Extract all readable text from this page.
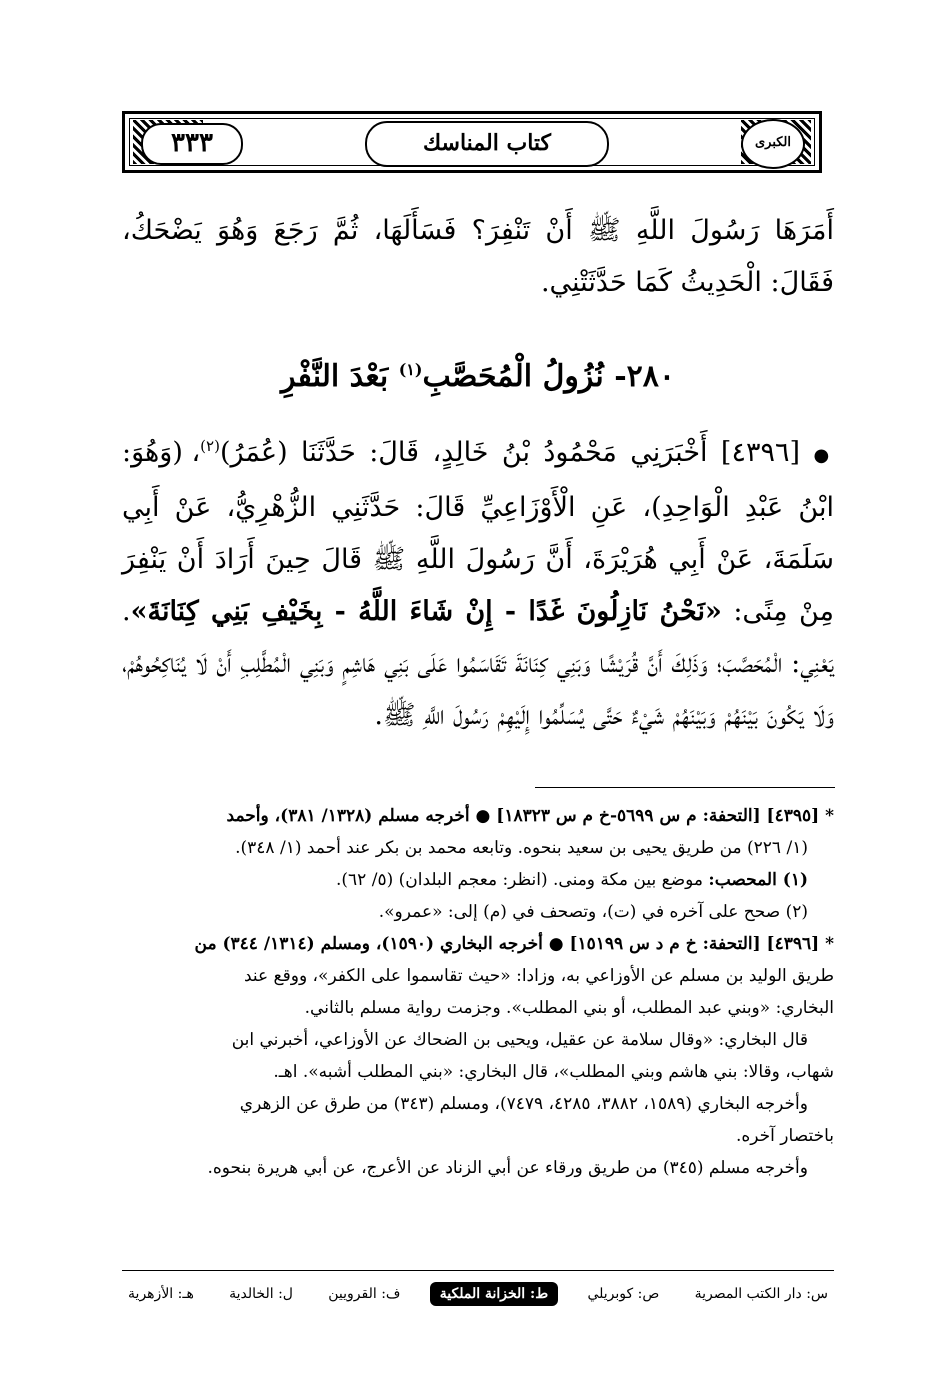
٣٣٣	كتاب المناسك	الكبرى
أَمَرَهَا رَسُولَ اللَّهِ ﷺ أَنْ تَنْفِرَ؟ فَسَأَلَهَا، ثُمَّ رَجَعَ وَهُوَ يَضْحَكُ، فَقَالَ: الْحَدِيثُ كَمَا حَدَّثَتْنِي.
٢٨٠- نُزُولُ الْمُحَصَّبِ$^{(١)}$ بَعْدَ النَّفْرِ
● [٤٣٩٦] أَخْبَرَنِي مَحْمُودُ بْنُ خَالِدٍ، قَالَ: حَدَّثَنَا (عُمَرُ)$^{(٢)}$، (وَهُوَ: ابْنُ عَبْدِ الْوَاحِدِ)، عَنِ الْأَوْزَاعِيِّ قَالَ: حَدَّثَنِي الزُّهْرِيُّ، عَنْ أَبِي سَلَمَةَ، عَنْ أَبِي هُرَيْرَةَ، أَنَّ رَسُولَ اللَّهِ ﷺ قَالَ حِينَ أَرَادَ أَنْ يَنْفِرَ مِنْ مِنًى: «نَحْنُ نَازِلُونَ غَدًا - إِنْ شَاءَ اللَّهُ - بِخَيْفِ بَنِي كِنَانَةَ». يَعْنِي: الْمُحَصَّبَ؛ وَذَلِكَ أَنَّ قُرَيْشًا وَبَنِي كِنَانَةَ تَقَاسَمُوا عَلَى بَنِي هَاشِمٍ وَبَنِي الْمُطَّلِبِ أَنْ لَا يُنَاكِحُوهُمْ، وَلَا يَكُونَ بَيْنَهُمْ وَبَيْنَهُمْ شَيْءٌ حَتَّى يُسَلِّمُوا إِلَيْهِمْ رَسُولَ اللَّهِ ﷺ.

* [٤٣٩٥] [التحفة: م س ٥٦٩٩-خ م س ١٨٣٢٣] ● أخرجه مسلم (١٣٢٨/ ٣٨١)، وأحمد

(١/ ٢٢٦) من طريق يحيى بن سعيد بنحوه. وتابعه محمد بن بكر عند أحمد (١/ ٣٤٨).

(١) المحصب: موضع بين مكة ومنى. (انظر: معجم البلدان) (٥/ ٦٢).

(٢) صحح على آخره في (ت)، وتصحف في (م) إلى: «عمرو».

* [٤٣٩٦] [التحفة: خ م د س ١٥١٩٩] ● أخرجه البخاري (١٥٩٠)، ومسلم (١٣١٤/ ٣٤٤) من

طريق الوليد بن مسلم عن الأوزاعي به، وزادا: «حيث تقاسموا على الكفر»، ووقع عند

البخاري: «وبني عبد المطلب، أو بني المطلب». وجزمت رواية مسلم بالثاني.

قال البخاري: «وقال سلامة عن عقيل، ويحيى بن الضحاك عن الأوزاعي، أخبرني ابن

شهاب، وقالا: بني هاشم وبني المطلب»، قال البخاري: «بني المطلب أشبه». اهـ.

وأخرجه البخاري (١٥٨٩، ٣٨٨٢، ٤٢٨٥، ٧٤٧٩)، ومسلم (٣٤٣) من طرق عن الزهري

باختصار آخره.

وأخرجه مسلم (٣٤٥) من طريق ورقاء عن أبي الزناد عن الأعرج، عن أبي هريرة بنحوه.

س: دار الكتب المصرية
ص: كوبريلي
ط: الخزانة الملكية
ف: القرويين
ل: الخالدية
هـ: الأزهرية
